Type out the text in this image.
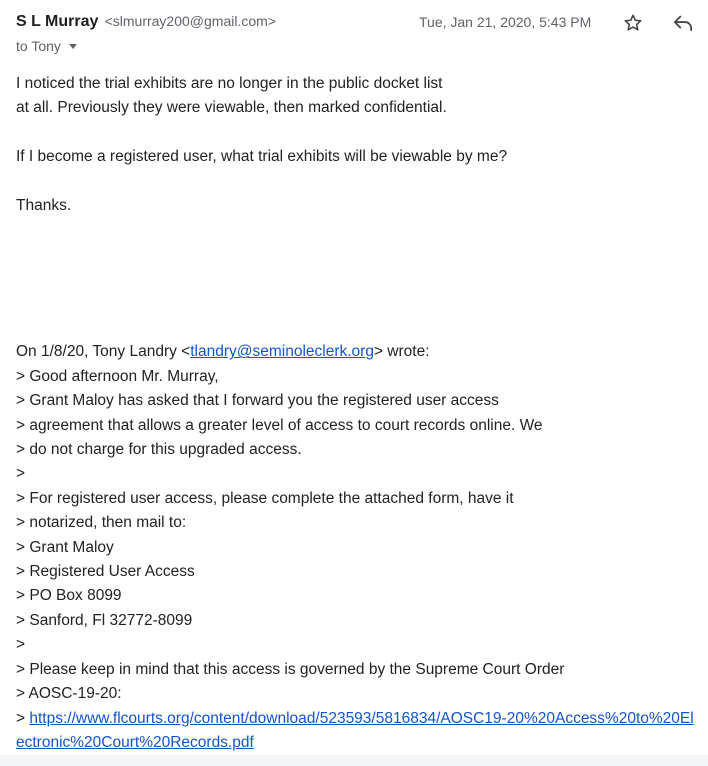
S L Murray <slmurray200@gmail.com>
to Tony
Tue, Jan 21, 2020, 5:43 PM

I noticed the trial exhibits are no longer in the public docket list

at all. Previously they were viewable, then marked confidential.

If I become a registered user, what trial exhibits will be viewable by me?

Thanks.

On 1/8/20, Tony Landry <tlandry@seminoleclerk.org> wrote:

> Good afternoon Mr. Murray,

> Grant Maloy has asked that I forward you the registered user access

> agreement that allows a greater level of access to court records online. We

> do not charge for this upgraded access.

>

> For registered user access, please complete the attached form, have it

> notarized, then mail to:

> Grant Maloy

> Registered User Access

> PO Box 8099

> Sanford, Fl 32772-8099

>

> Please keep in mind that this access is governed by the Supreme Court Order

> AOSC-19-20:

> https://www.flcourts.org/content/download/523593/5816834/AOSC19-20%20Access%20to%20Electronic%20Court%20Records.pdf
